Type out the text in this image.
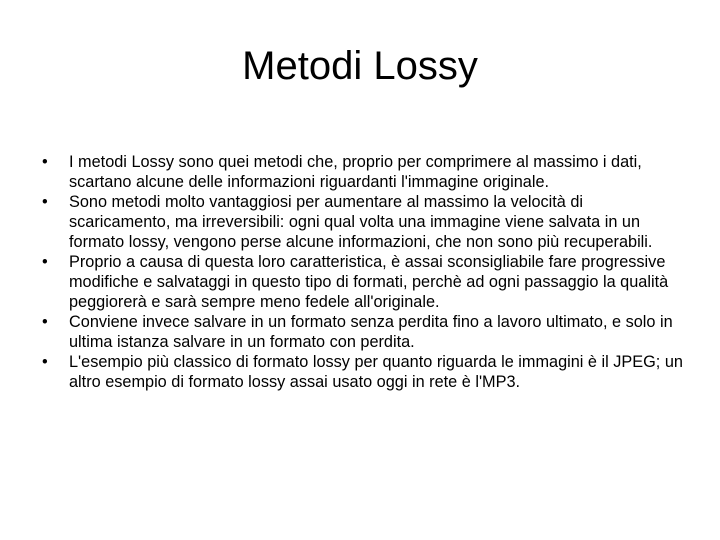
Metodi Lossy
•	I metodi Lossy sono quei metodi che, proprio per comprimere al massimo i dati, scartano alcune delle informazioni riguardanti l'immagine originale.
•	Sono metodi molto vantaggiosi per aumentare al massimo la velocità di scaricamento, ma irreversibili: ogni qual volta una immagine viene salvata in un formato lossy, vengono perse alcune informazioni, che non sono più recuperabili.
•	Proprio a causa di questa loro caratteristica, è assai sconsigliabile fare progressive modifiche e salvataggi in questo tipo di formati, perchè ad ogni passaggio la qualità peggiorerà e sarà sempre meno fedele all'originale.
•	Conviene invece salvare in un formato senza perdita fino a lavoro ultimato, e solo in ultima istanza salvare in un formato con perdita.
•	L'esempio più classico di formato lossy per quanto riguarda le immagini è il JPEG; un altro esempio di formato lossy assai usato oggi in rete è l'MP3.
